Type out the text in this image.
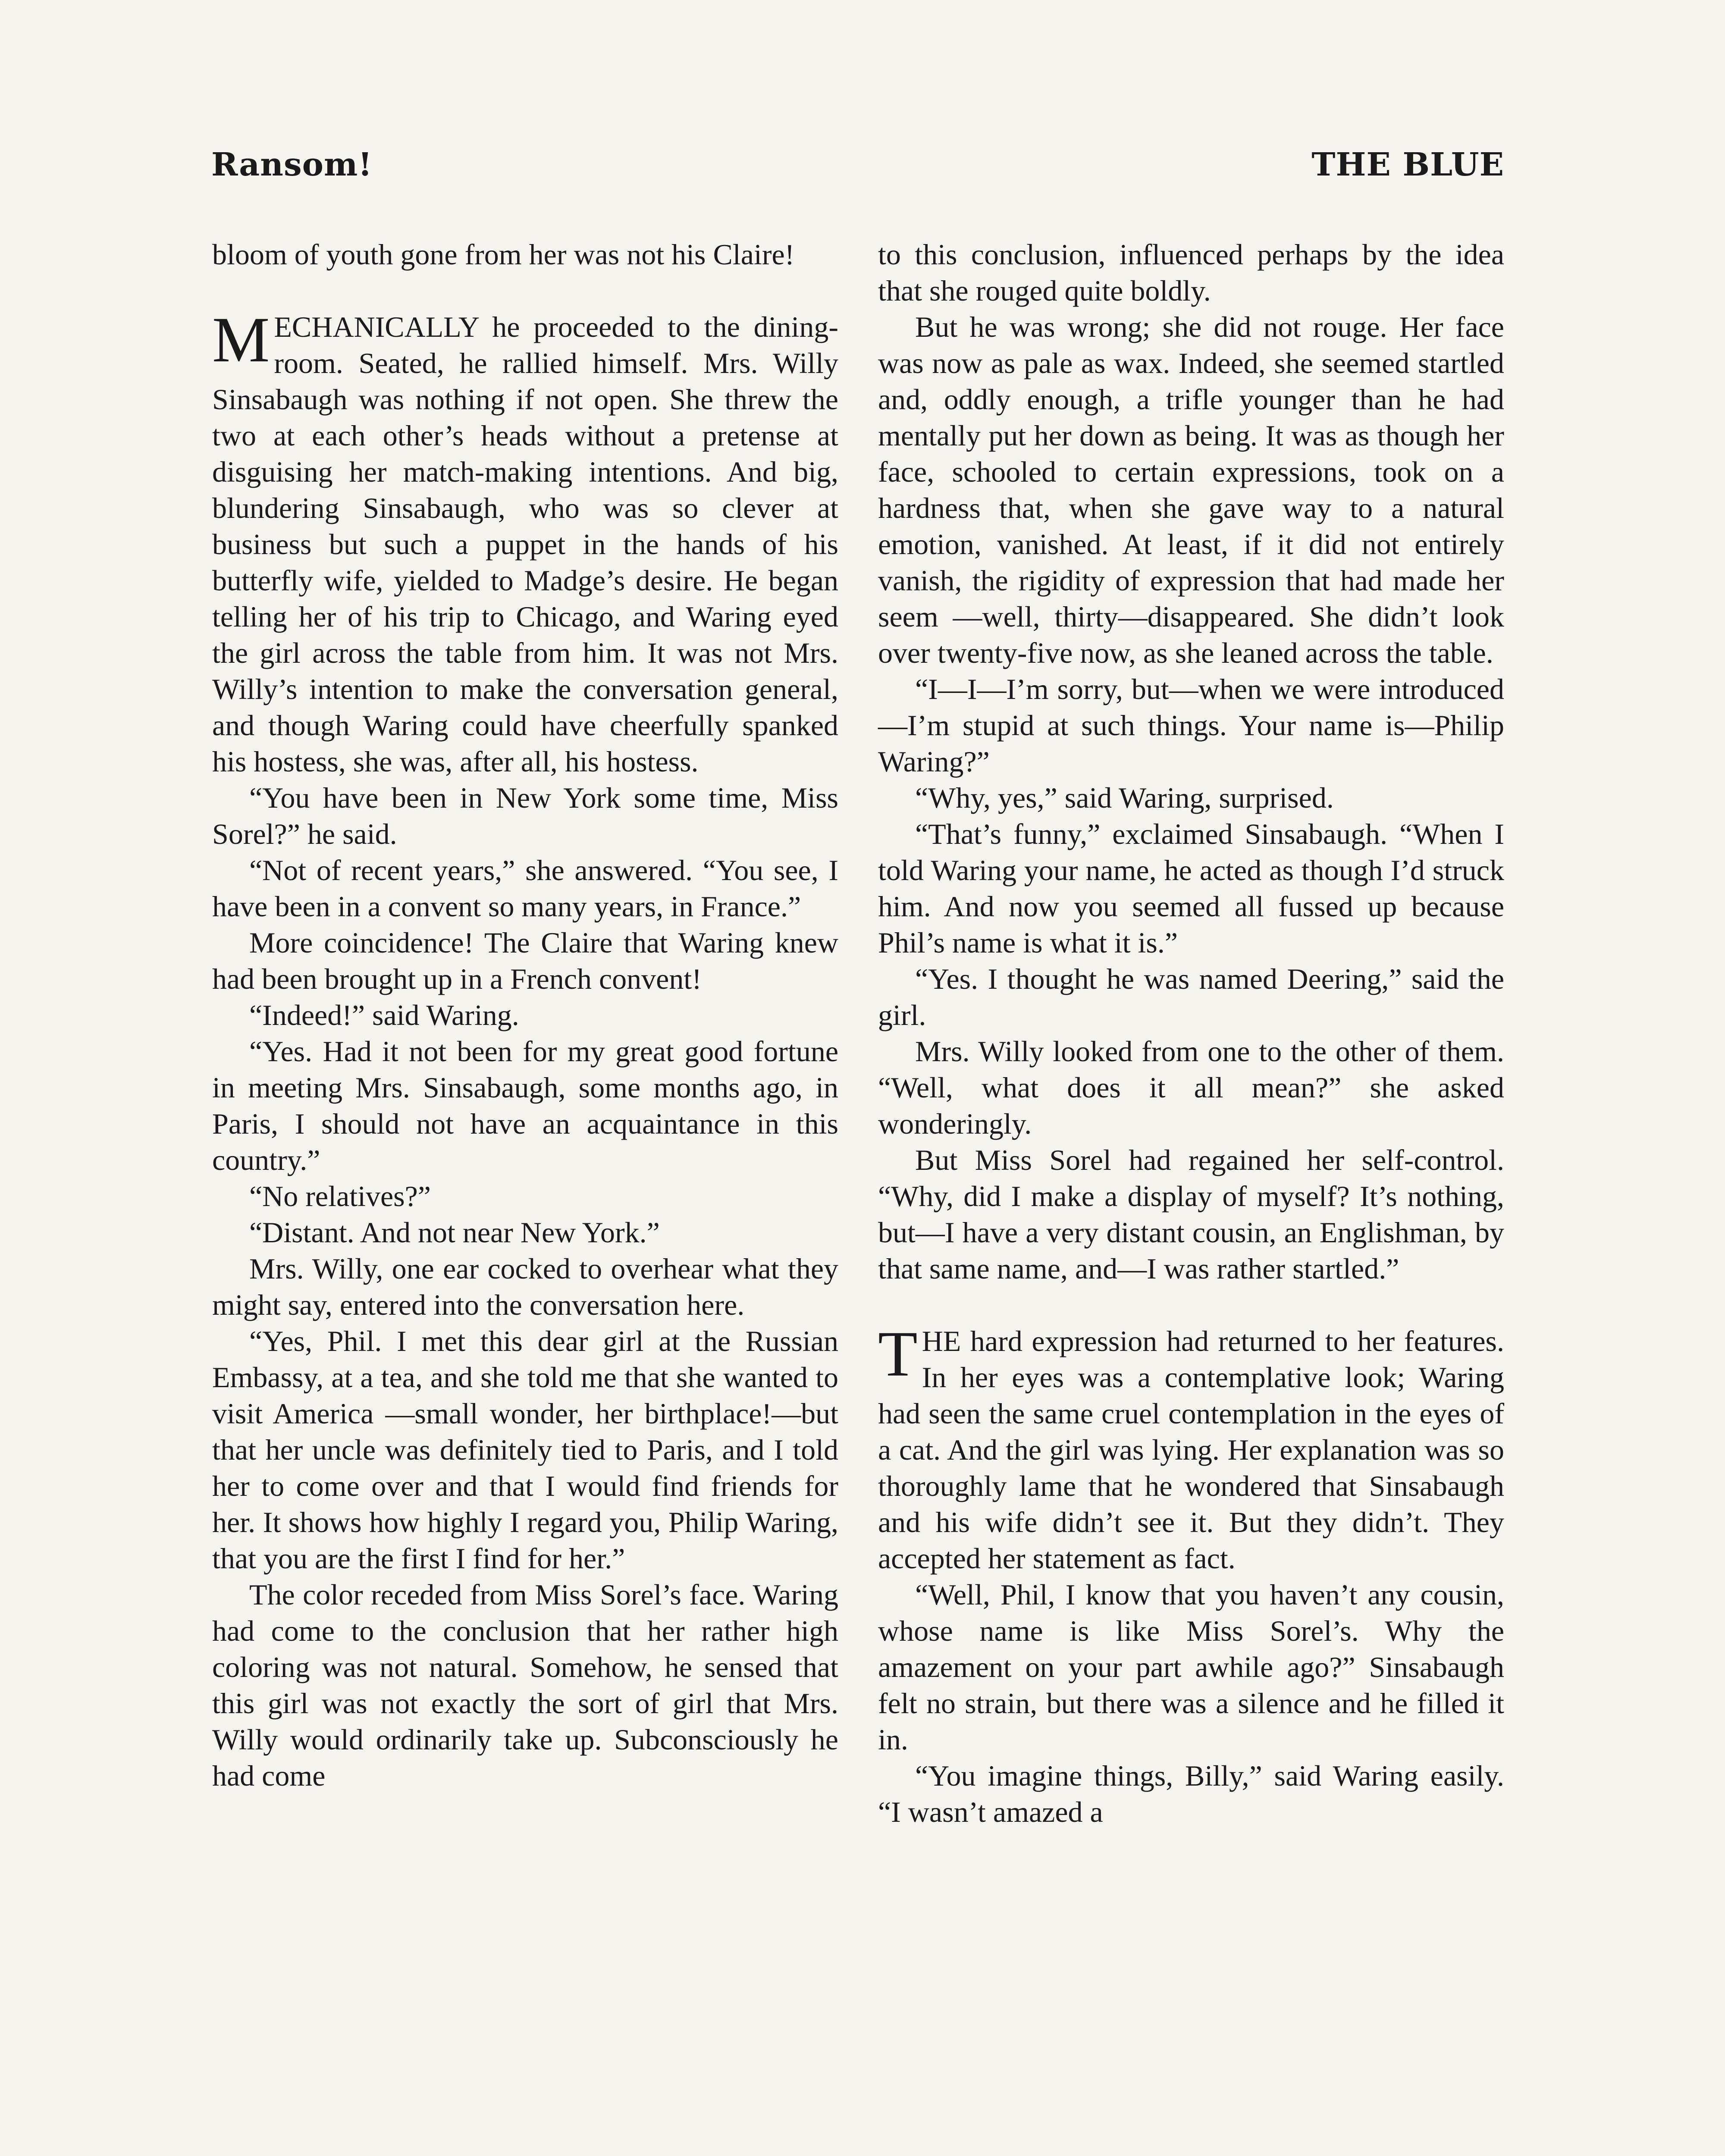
Ransom!	THE BLUE

bloom of youth gone from her was not his Claire!

MECHANICALLY he proceeded to the dining-room. Seated, he rallied himself. Mrs. Willy Sinsabaugh was nothing if not open. She threw the two at each other’s heads without a pretense at disguising her match-making intentions. And big, blundering Sinsabaugh, who was so clever at business but such a puppet in the hands of his butterfly wife, yielded to Madge’s desire. He began telling her of his trip to Chicago, and Waring eyed the girl across the table from him. It was not Mrs. Willy’s intention to make the conversation general, and though Waring could have cheerfully spanked his hostess, she was, after all, his hostess.

“You have been in New York some time, Miss Sorel?” he said.

“Not of recent years,” she answered. “You see, I have been in a convent so many years, in France.”

More coincidence! The Claire that Waring knew had been brought up in a French convent!

“Indeed!” said Waring.

“Yes. Had it not been for my great good fortune in meeting Mrs. Sinsabaugh, some months ago, in Paris, I should not have an acquaintance in this country.”

“No relatives?”

“Distant. And not near New York.”

Mrs. Willy, one ear cocked to overhear what they might say, entered into the conversation here.

“Yes, Phil. I met this dear girl at the Russian Embassy, at a tea, and she told me that she wanted to visit America —small wonder, her birthplace!—but that her uncle was definitely tied to Paris, and I told her to come over and that I would find friends for her. It shows how highly I regard you, Philip Waring, that you are the first I find for her.”

The color receded from Miss Sorel’s face. Waring had come to the conclusion that her rather high coloring was not natural. Somehow, he sensed that this girl was not exactly the sort of girl that Mrs. Willy would ordinarily take up. Subconsciously he had come

to this conclusion, influenced perhaps by the idea that she rouged quite boldly.

But he was wrong; she did not rouge. Her face was now as pale as wax. Indeed, she seemed startled and, oddly enough, a trifle younger than he had mentally put her down as being. It was as though her face, schooled to certain expressions, took on a hardness that, when she gave way to a natural emotion, vanished. At least, if it did not entirely vanish, the rigidity of expression that had made her seem —well, thirty—disappeared. She didn’t look over twenty-five now, as she leaned across the table.

“I—I—I’m sorry, but—when we were introduced—I’m stupid at such things. Your name is—Philip Waring?”

“Why, yes,” said Waring, surprised.

“That’s funny,” exclaimed Sinsabaugh. “When I told Waring your name, he acted as though I’d struck him. And now you seemed all fussed up because Phil’s name is what it is.”

“Yes. I thought he was named Deering,” said the girl.

Mrs. Willy looked from one to the other of them. “Well, what does it all mean?” she asked wonderingly.

But Miss Sorel had regained her self-control. “Why, did I make a display of myself? It’s nothing, but—I have a very distant cousin, an Englishman, by that same name, and—I was rather startled.”

THE hard expression had returned to her features. In her eyes was a contemplative look; Waring had seen the same cruel contemplation in the eyes of a cat. And the girl was lying. Her explanation was so thoroughly lame that he wondered that Sinsabaugh and his wife didn’t see it. But they didn’t. They accepted her statement as fact.

“Well, Phil, I know that you haven’t any cousin, whose name is like Miss Sorel’s. Why the amazement on your part awhile ago?” Sinsabaugh felt no strain, but there was a silence and he filled it in.

“You imagine things, Billy,” said Waring easily. “I wasn’t amazed a
